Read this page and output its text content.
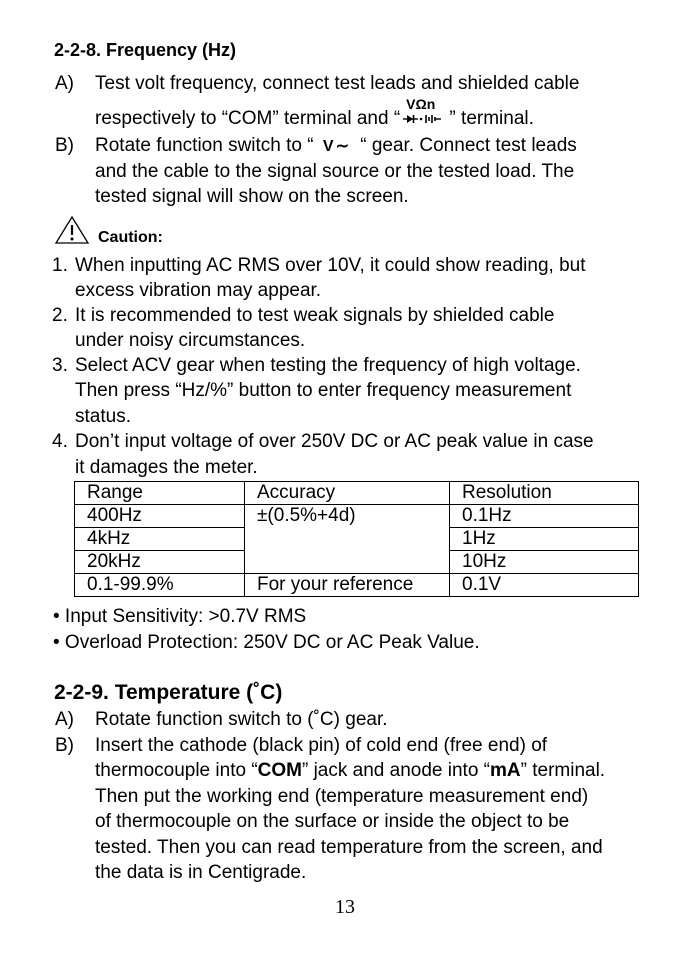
2-2-8. Frequency (Hz)
A) Test volt frequency, connect test leads and shielded cable
respectively to “COM” terminal and “
VΩn
” terminal.
B) Rotate function switch to “ V∼ “ gear. Connect test leads
and the cable to the signal source or the tested load. The
tested signal will show on the screen.
Caution:
1. When inputting AC RMS over 10V, it could show reading, but
excess vibration may appear.
2. It is recommended to test weak signals by shielded cable
under noisy circumstances.
3. Select ACV gear when testing the frequency of high voltage.
Then press “Hz/%” button to enter frequency measurement
status.
4. Don’t input voltage of over 250V DC or AC peak value in case
it damages the meter.
Range	Accuracy	Resolution
400Hz	±(0.5%+4d)	0.1Hz
4kHz		1Hz
20kHz		10Hz
0.1-99.9%	For your reference	0.1V
• Input Sensitivity: >0.7V RMS
• Overload Protection: 250V DC or AC Peak Value.
2-2-9. Temperature (˚C)
A) Rotate function switch to (˚C) gear.
B) Insert the cathode (black pin) of cold end (free end) of
thermocouple into “COM” jack and anode into “mA” terminal.
Then put the working end (temperature measurement end)
of thermocouple on the surface or inside the object to be
tested. Then you can read temperature from the screen, and
the data is in Centigrade.
13
